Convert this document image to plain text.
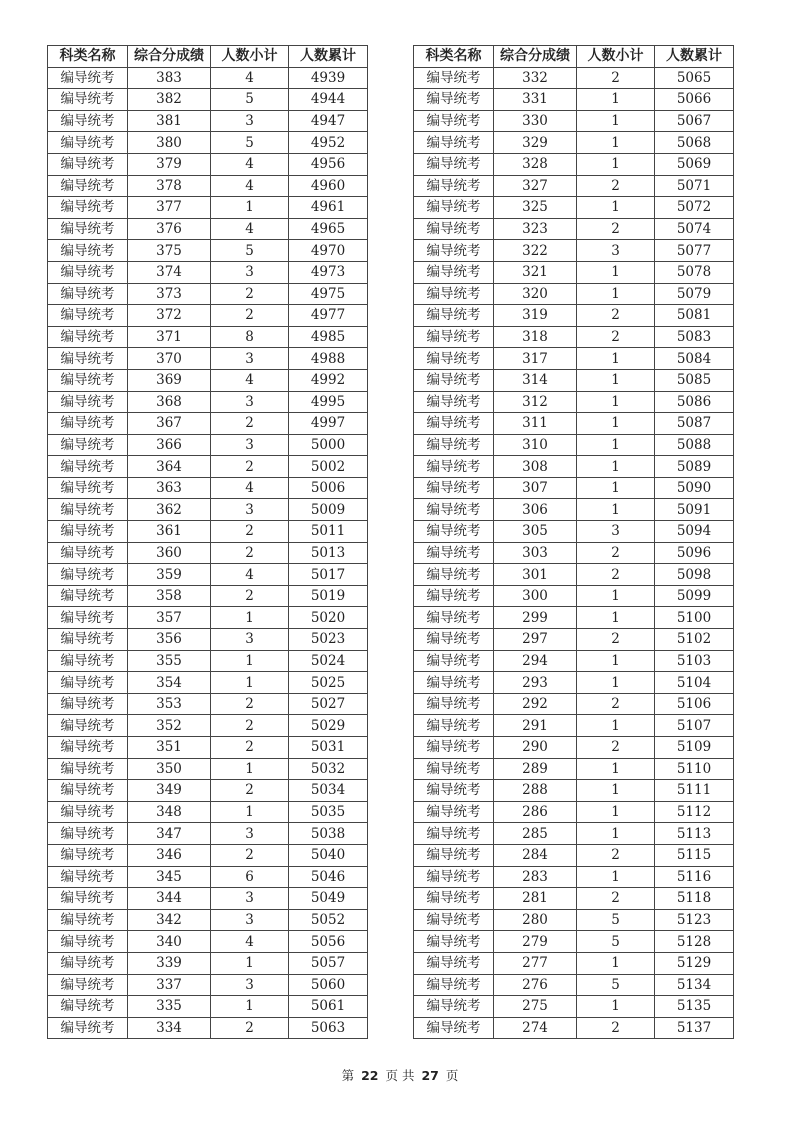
科类名称	综合分成绩	人数小计	人数累计
编导统考	383	4	4939
编导统考	382	5	4944
编导统考	381	3	4947
编导统考	380	5	4952
编导统考	379	4	4956
编导统考	378	4	4960
编导统考	377	1	4961
编导统考	376	4	4965
编导统考	375	5	4970
编导统考	374	3	4973
编导统考	373	2	4975
编导统考	372	2	4977
编导统考	371	8	4985
编导统考	370	3	4988
编导统考	369	4	4992
编导统考	368	3	4995
编导统考	367	2	4997
编导统考	366	3	5000
编导统考	364	2	5002
编导统考	363	4	5006
编导统考	362	3	5009
编导统考	361	2	5011
编导统考	360	2	5013
编导统考	359	4	5017
编导统考	358	2	5019
编导统考	357	1	5020
编导统考	356	3	5023
编导统考	355	1	5024
编导统考	354	1	5025
编导统考	353	2	5027
编导统考	352	2	5029
编导统考	351	2	5031
编导统考	350	1	5032
编导统考	349	2	5034
编导统考	348	1	5035
编导统考	347	3	5038
编导统考	346	2	5040
编导统考	345	6	5046
编导统考	344	3	5049
编导统考	342	3	5052
编导统考	340	4	5056
编导统考	339	1	5057
编导统考	337	3	5060
编导统考	335	1	5061
编导统考	334	2	5063
科类名称	综合分成绩	人数小计	人数累计
编导统考	332	2	5065
编导统考	331	1	5066
编导统考	330	1	5067
编导统考	329	1	5068
编导统考	328	1	5069
编导统考	327	2	5071
编导统考	325	1	5072
编导统考	323	2	5074
编导统考	322	3	5077
编导统考	321	1	5078
编导统考	320	1	5079
编导统考	319	2	5081
编导统考	318	2	5083
编导统考	317	1	5084
编导统考	314	1	5085
编导统考	312	1	5086
编导统考	311	1	5087
编导统考	310	1	5088
编导统考	308	1	5089
编导统考	307	1	5090
编导统考	306	1	5091
编导统考	305	3	5094
编导统考	303	2	5096
编导统考	301	2	5098
编导统考	300	1	5099
编导统考	299	1	5100
编导统考	297	2	5102
编导统考	294	1	5103
编导统考	293	1	5104
编导统考	292	2	5106
编导统考	291	1	5107
编导统考	290	2	5109
编导统考	289	1	5110
编导统考	288	1	5111
编导统考	286	1	5112
编导统考	285	1	5113
编导统考	284	2	5115
编导统考	283	1	5116
编导统考	281	2	5118
编导统考	280	5	5123
编导统考	279	5	5128
编导统考	277	1	5129
编导统考	276	5	5134
编导统考	275	1	5135
编导统考	274	2	5137
第 22 页 共 27 页
